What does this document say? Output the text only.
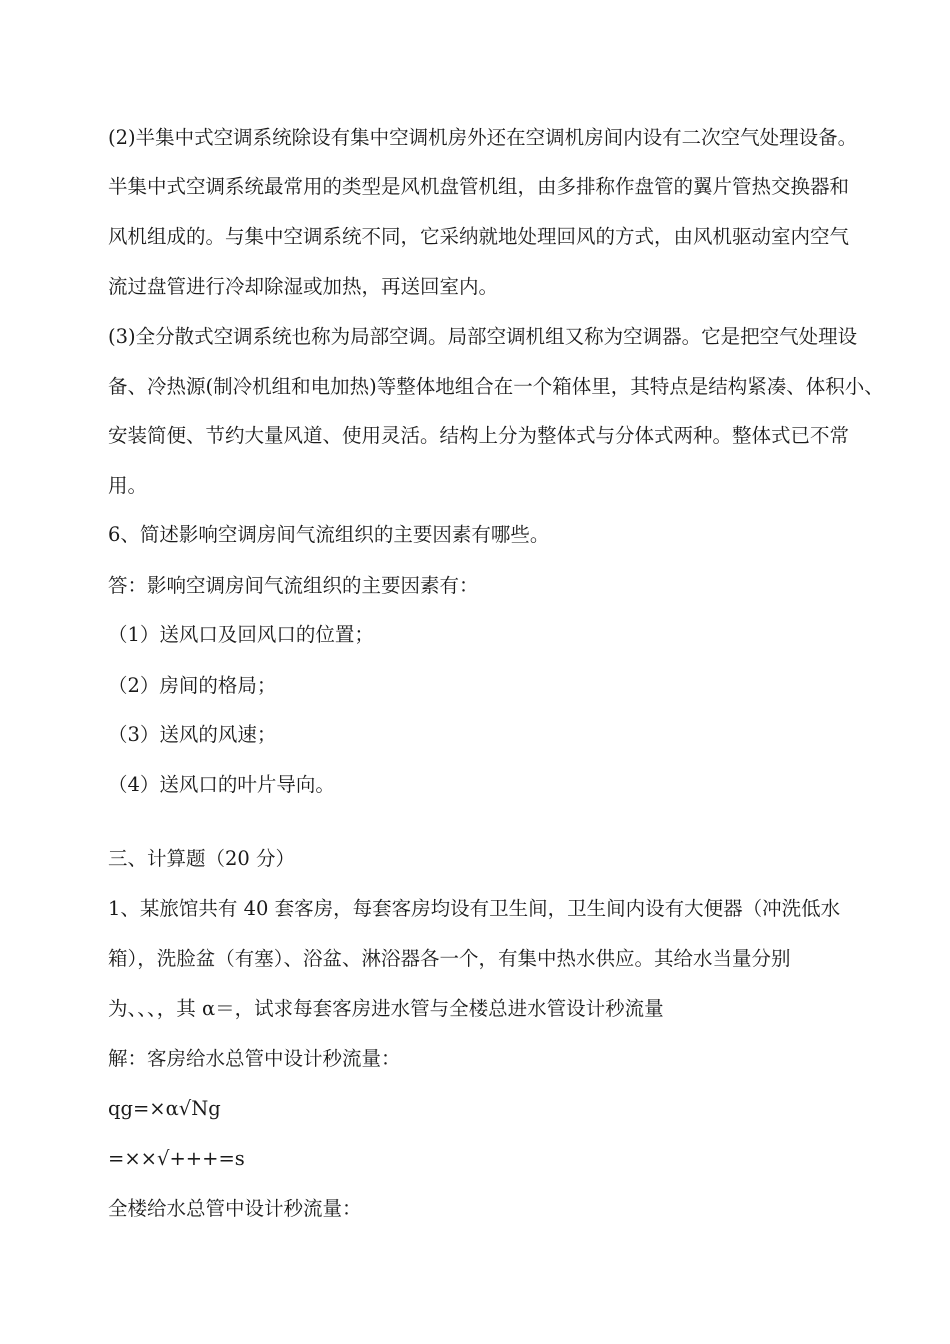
(2)半集中式空调系统除设有集中空调机房外还在空调机房间内设有二次空气处理设备。
半集中式空调系统最常用的类型是风机盘管机组，由多排称作盘管的翼片管热交换器和
风机组成的。与集中空调系统不同，它采纳就地处理回风的方式，由风机驱动室内空气
流过盘管进行冷却除湿或加热，再送回室内。
(3)全分散式空调系统也称为局部空调。局部空调机组又称为空调器。它是把空气处理设
备、冷热源(制冷机组和电加热)等整体地组合在一个箱体里，其特点是结构紧凑、体积小、
安装简便、节约大量风道、使用灵活。结构上分为整体式与分体式两种。整体式已不常
用。
6、简述影响空调房间气流组织的主要因素有哪些。
答：影响空调房间气流组织的主要因素有：
（1）送风口及回风口的位置；
（2）房间的格局；
（3）送风的风速；
（4）送风口的叶片导向。
三、计算题（20 分）
1、某旅馆共有 40 套客房，每套客房均设有卫生间，卫生间内设有大便器（冲洗低水
箱），洗脸盆（有塞）、浴盆、淋浴器各一个，有集中热水供应。其给水当量分别
为、、、，其 α＝，试求每套客房进水管与全楼总进水管设计秒流量
解：客房给水总管中设计秒流量：
qg=×α√Ng
=××√+++=s
全楼给水总管中设计秒流量：
